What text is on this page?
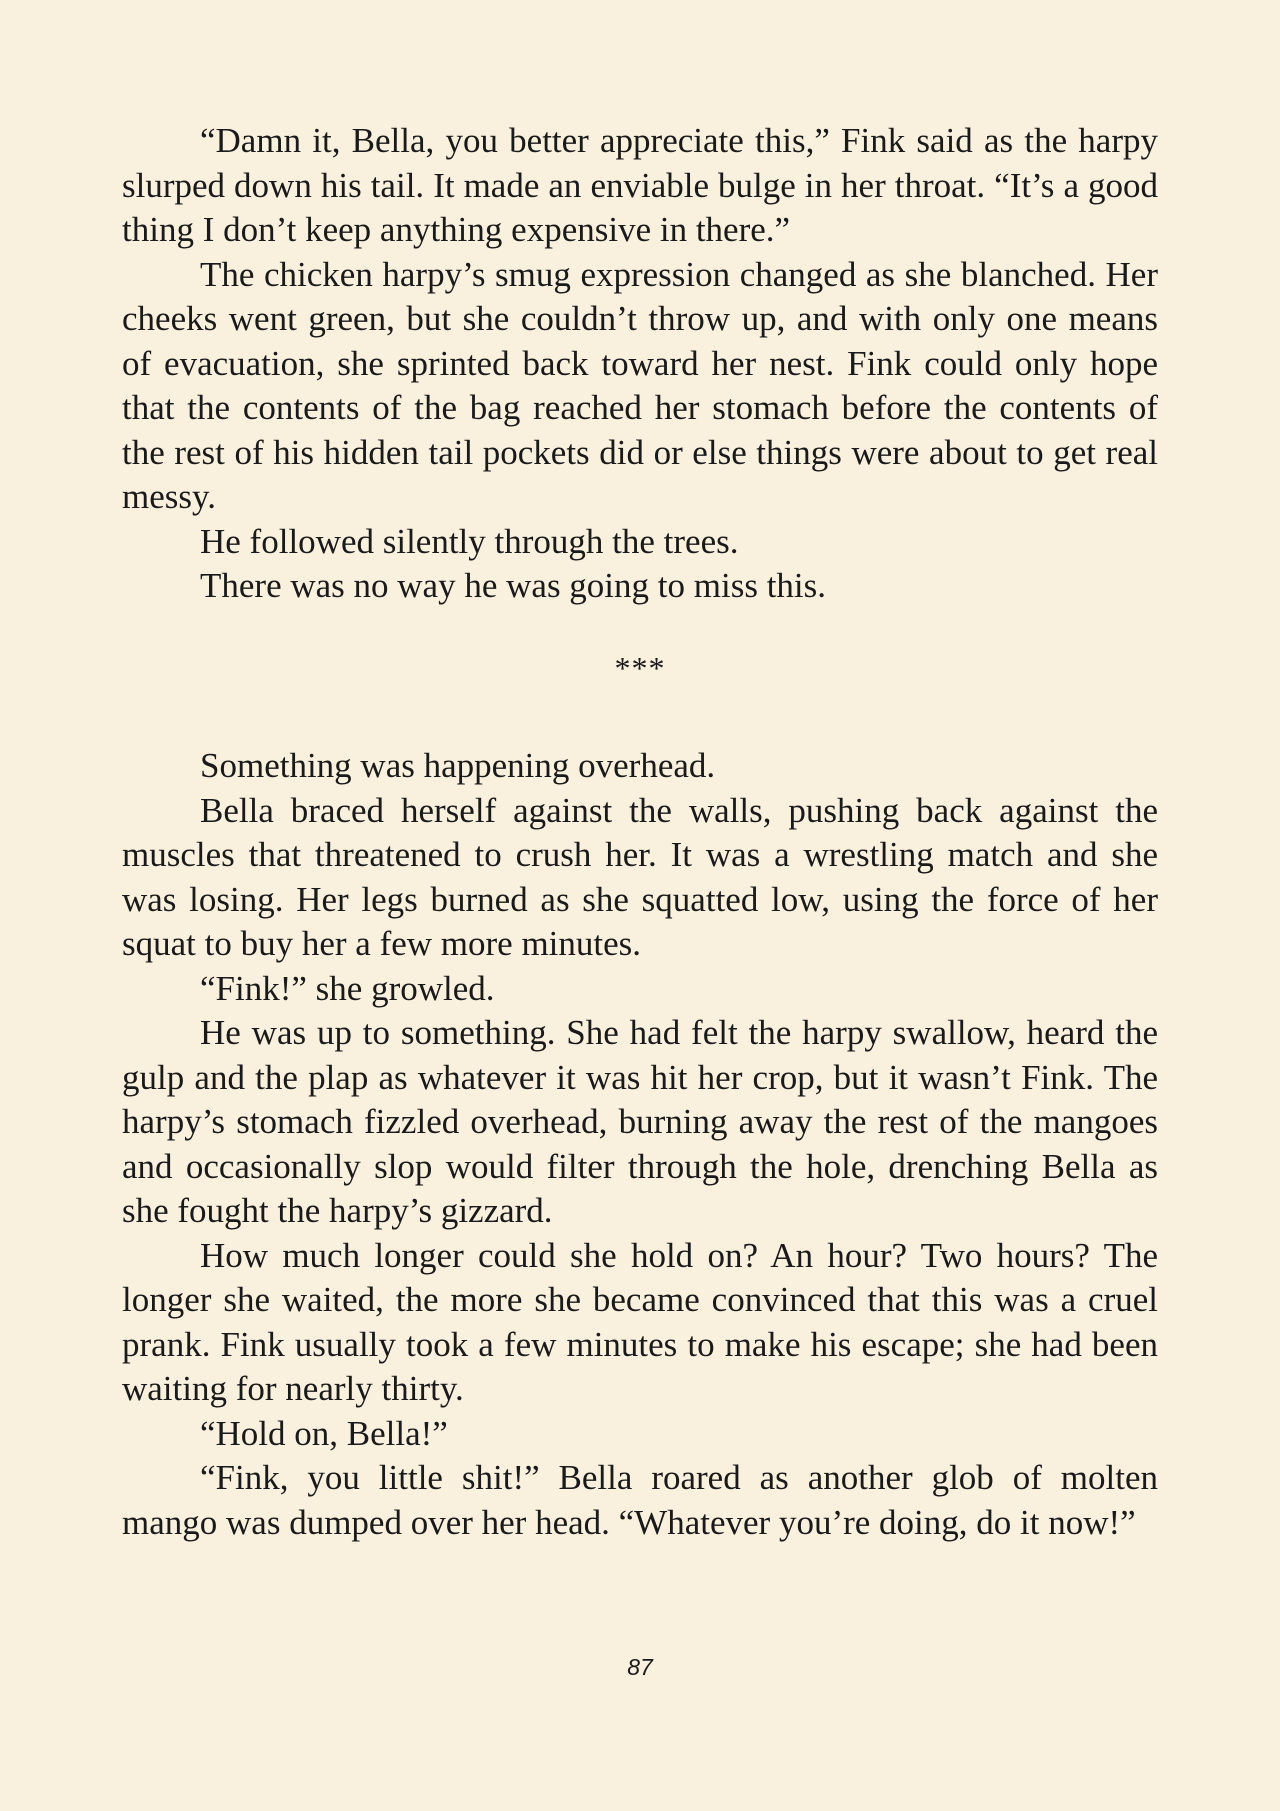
“Damn it, Bella, you better appreciate this,” Fink said as the harpy slurped down his tail. It made an enviable bulge in her throat. “It’s a good thing I don’t keep anything expensive in there.”

The chicken harpy’s smug expression changed as she blanched. Her cheeks went green, but she couldn’t throw up, and with only one means of evacuation, she sprinted back toward her nest. Fink could only hope that the contents of the bag reached her stomach before the contents of the rest of his hidden tail pockets did or else things were about to get real messy.

He followed silently through the trees.

There was no way he was going to miss this.

***

Something was happening overhead.

Bella braced herself against the walls, pushing back against the muscles that threatened to crush her. It was a wrestling match and she was losing. Her legs burned as she squatted low, using the force of her squat to buy her a few more minutes.

“Fink!” she growled.

He was up to something. She had felt the harpy swallow, heard the gulp and the plap as whatever it was hit her crop, but it wasn’t Fink. The harpy’s stomach fizzled overhead, burning away the rest of the mangoes and occasionally slop would filter through the hole, drenching Bella as she fought the harpy’s gizzard.

How much longer could she hold on? An hour? Two hours? The longer she waited, the more she became convinced that this was a cruel prank. Fink usually took a few minutes to make his escape; she had been waiting for nearly thirty.

“Hold on, Bella!”

“Fink, you little shit!” Bella roared as another glob of molten mango was dumped over her head. “Whatever you’re doing, do it now!”

87
